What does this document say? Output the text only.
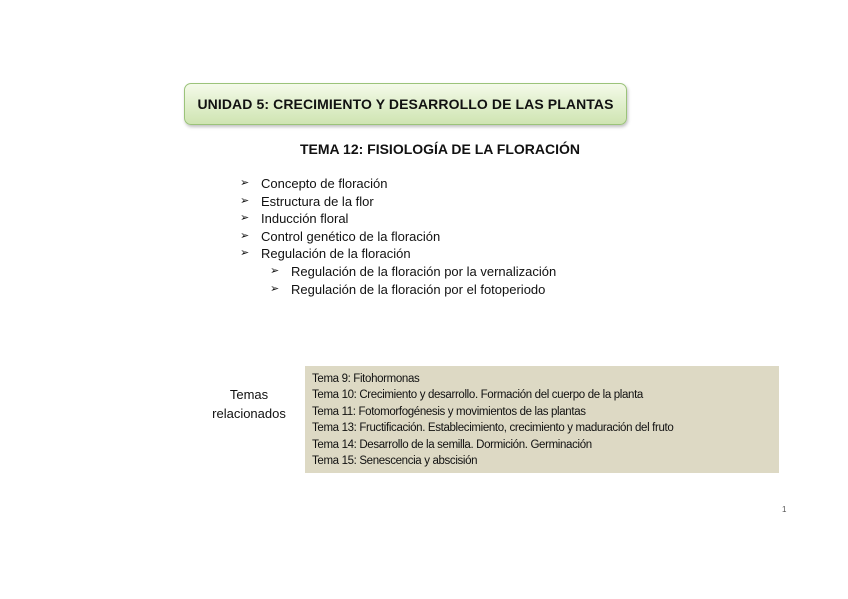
UNIDAD 5: CRECIMIENTO Y DESARROLLO DE LAS PLANTAS
TEMA 12: FISIOLOGÍA DE LA FLORACIÓN
➢ Concepto de floración
➢ Estructura de la flor
➢ Inducción floral
➢ Control genético de la floración
➢ Regulación de la floración
➢ Regulación de la floración por la vernalización
➢ Regulación de la floración por el fotoperiodo
Temas
relacionados
Tema 9: Fitohormonas
Tema 10: Crecimiento y desarrollo. Formación del cuerpo de la planta
Tema 11: Fotomorfogénesis y movimientos de las plantas
Tema 13: Fructificación. Establecimiento, crecimiento y maduración del fruto
Tema 14: Desarrollo de la semilla. Dormición. Germinación
Tema 15: Senescencia y abscisión
1
